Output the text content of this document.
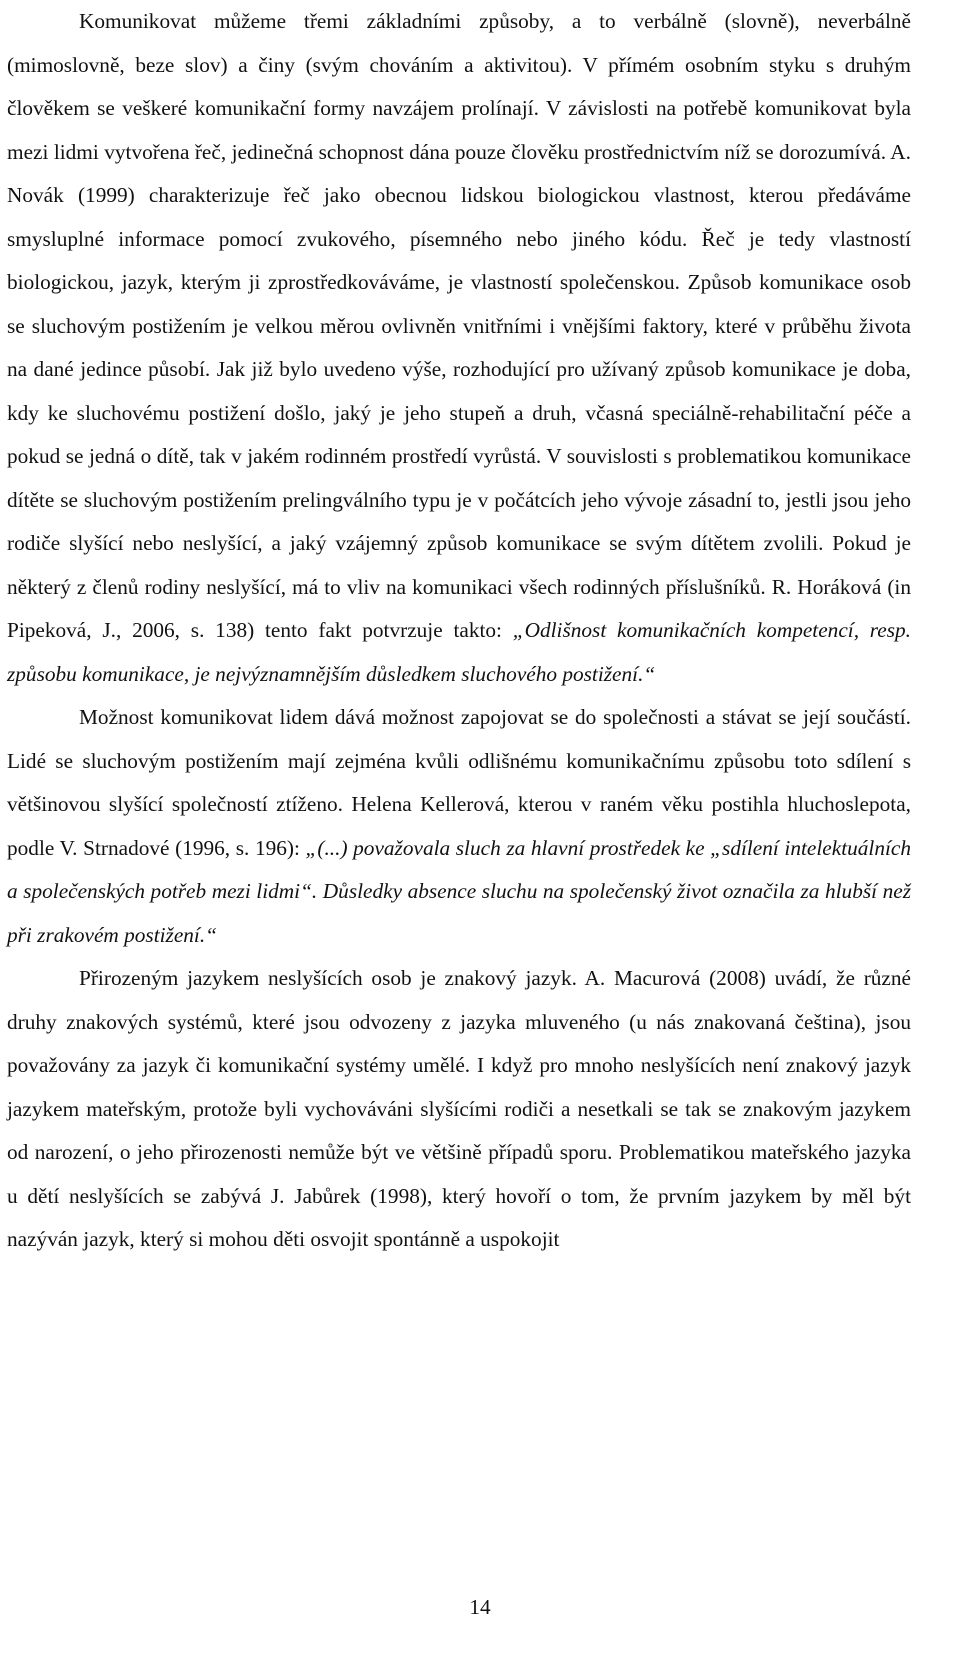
Komunikovat můžeme třemi základními způsoby, a to verbálně (slovně), neverbálně (mimoslovně, beze slov) a činy (svým chováním a aktivitou). V přímém osobním styku s druhým člověkem se veškeré komunikační formy navzájem prolínají. V závislosti na potřebě komunikovat byla mezi lidmi vytvořena řeč, jedinečná schopnost dána pouze člověku prostřednictvím níž se dorozumívá. A. Novák (1999) charakterizuje řeč jako obecnou lidskou biologickou vlastnost, kterou předáváme smysluplné informace pomocí zvukového, písemného nebo jiného kódu. Řeč je tedy vlastností biologickou, jazyk, kterým ji zprostředkováváme, je vlastností společenskou. Způsob komunikace osob se sluchovým postižením je velkou měrou ovlivněn vnitřními i vnějšími faktory, které v průběhu života na dané jedince působí. Jak již bylo uvedeno výše, rozhodující pro užívaný způsob komunikace je doba, kdy ke sluchovému postižení došlo, jaký je jeho stupeň a druh, včasná speciálně-rehabilitační péče a pokud se jedná o dítě, tak v jakém rodinném prostředí vyrůstá. V souvislosti s problematikou komunikace dítěte se sluchovým postižením prelingválního typu je v počátcích jeho vývoje zásadní to, jestli jsou jeho rodiče slyšící nebo neslyšící, a jaký vzájemný způsob komunikace se svým dítětem zvolili. Pokud je některý z členů rodiny neslyšící, má to vliv na komunikaci všech rodinných příslušníků. R. Horáková (in Pipeková, J., 2006, s. 138) tento fakt potvrzuje takto: „Odlišnost komunikačních kompetencí, resp. způsobu komunikace, je nejvýznamnějším důsledkem sluchového postižení.“

Možnost komunikovat lidem dává možnost zapojovat se do společnosti a stávat se její součástí. Lidé se sluchovým postižením mají zejména kvůli odlišnému komunikačnímu způsobu toto sdílení s většinovou slyšící společností ztíženo. Helena Kellerová, kterou v raném věku postihla hluchoslepota, podle V. Strnadové (1996, s. 196): „(...) považovala sluch za hlavní prostředek ke „sdílení intelektuálních a společenských potřeb mezi lidmi“. Důsledky absence sluchu na společenský život označila za hlubší než při zrakovém postižení.“

Přirozeným jazykem neslyšících osob je znakový jazyk. A. Macurová (2008) uvádí, že různé druhy znakových systémů, které jsou odvozeny z jazyka mluveného (u nás znakovaná čeština), jsou považovány za jazyk či komunikační systémy umělé. I když pro mnoho neslyšících není znakový jazyk jazykem mateřským, protože byli vychováváni slyšícími rodiči a nesetkali se tak se znakovým jazykem od narození, o jeho přirozenosti nemůže být ve většině případů sporu. Problematikou mateřského jazyka u dětí neslyšících se zabývá J. Jabůrek (1998), který hovoří o tom, že prvním jazykem by měl být nazýván jazyk, který si mohou děti osvojit spontánně a uspokojit

14
